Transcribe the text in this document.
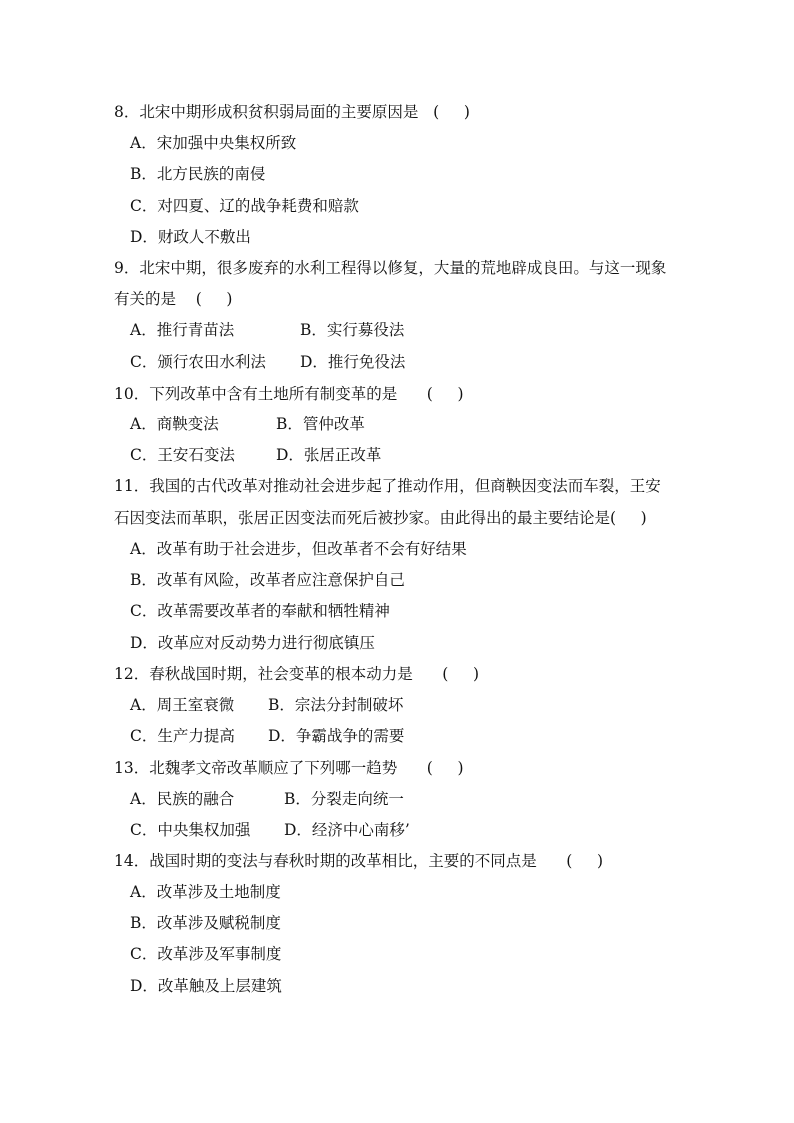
8．北宋中期形成积贫积弱局面的主要原因是   (     )
A．宋加强中央集权所致
B．北方民族的南侵
C．对四夏、辽的战争耗费和赔款
D．财政人不敷出
9．北宋中期，很多废弃的水利工程得以修复，大量的荒地辟成良田。与这一现象
有关的是    (     )
A．推行青苗法	B．实行募役法
C．颁行农田水利法 D．推行免役法
10．下列改革中含有土地所有制变革的是      (     )
A．商鞅变法	B．管仲改革
C．王安石变法	D．张居正改革
11．我国的古代改革对推动社会进步起了推动作用，但商鞅因变法而车裂，王安
石因变法而革职，张居正因变法而死后被抄家。由此得出的最主要结论是(     )
A．改革有助于社会进步，但改革者不会有好结果
B．改革有风险，改革者应注意保护自己
C．改革需要改革者的奉献和牺牲精神
D．改革应对反动势力进行彻底镇压
12．春秋战国时期，社会变革的根本动力是      (     )
A．周王室衰微 B．宗法分封制破坏
C．生产力提高 D．争霸战争的需要
13．北魏孝文帝改革顺应了下列哪一趋势      (     )
A．民族的融合	B．分裂走向统一
C．中央集权加强 D．经济中心南移’
14．战国时期的变法与春秋时期的改革相比，主要的不同点是      (     )
A．改革涉及土地制度
B．改革涉及赋税制度
C．改革涉及军事制度
D．改革触及上层建筑
